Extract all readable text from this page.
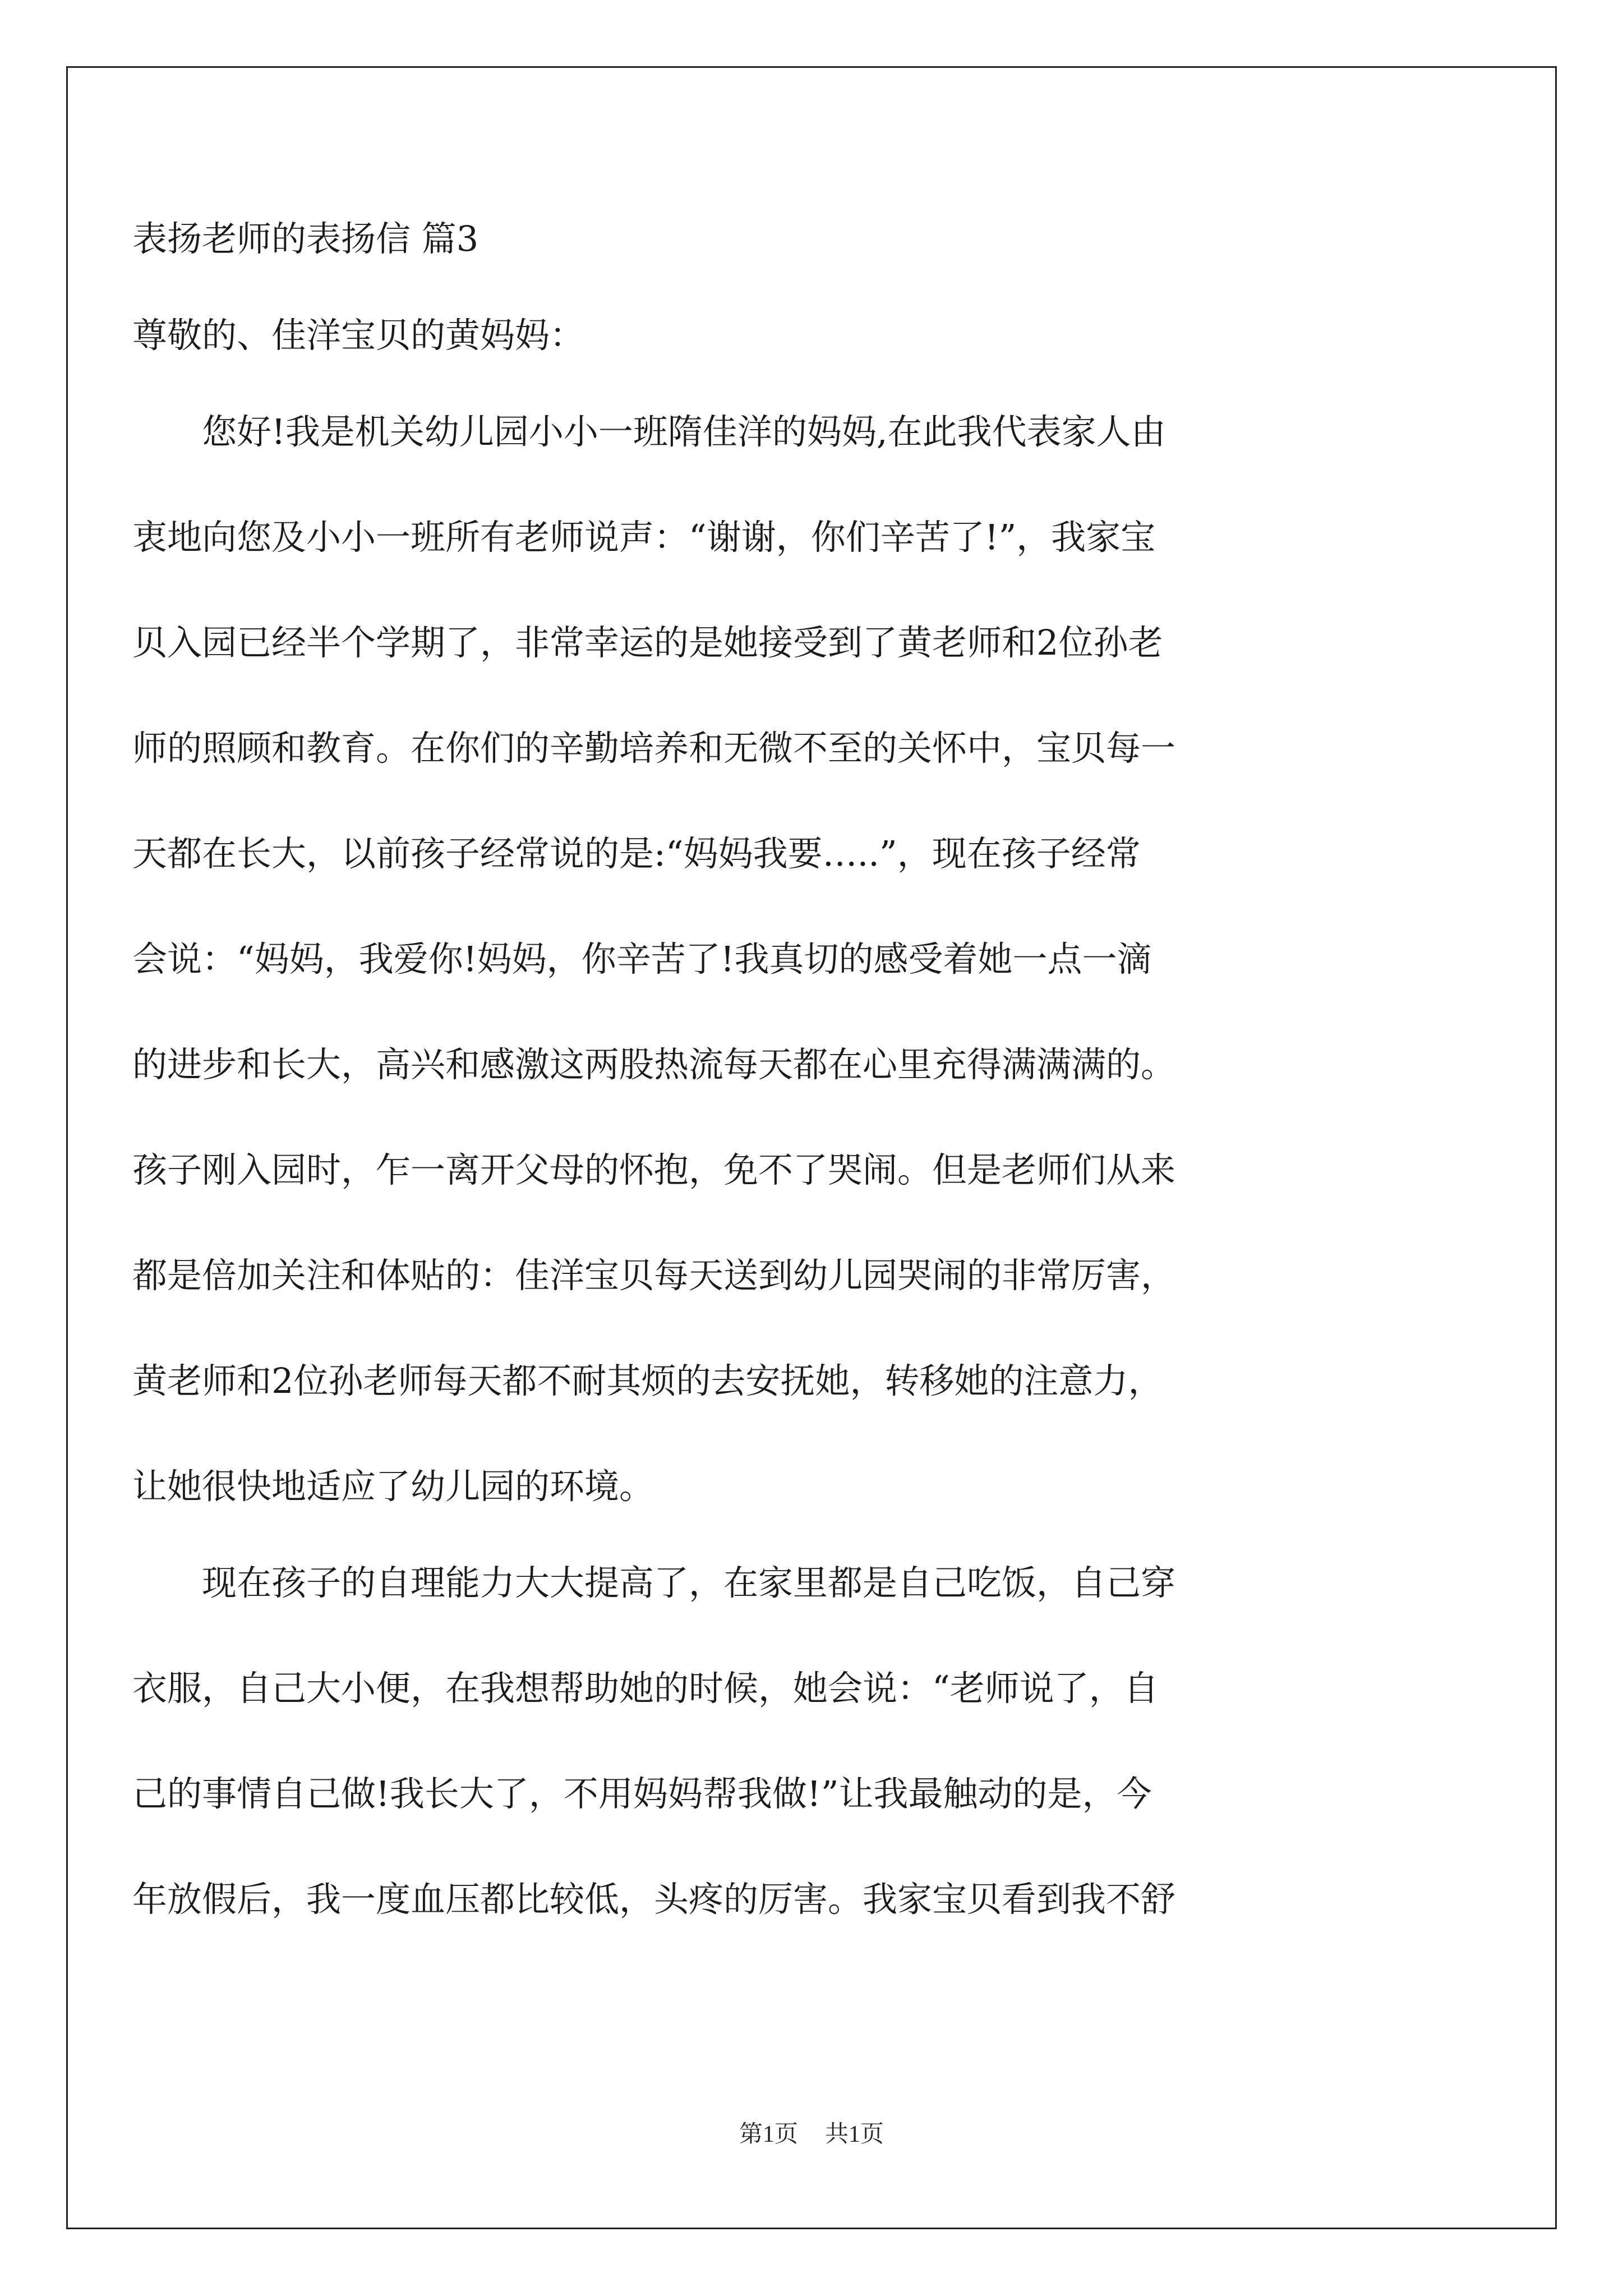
表扬老师的表扬信 篇3
尊敬的、佳洋宝贝的黄妈妈：
　　您好!我是机关幼儿园小小一班隋佳洋的妈妈,在此我代表家人由
衷地向您及小小一班所有老师说声：“谢谢，你们辛苦了!”，我家宝
贝入园已经半个学期了，非常幸运的是她接受到了黄老师和2位孙老
师的照顾和教育。在你们的辛勤培养和无微不至的关怀中，宝贝每一
天都在长大，以前孩子经常说的是:“妈妈我要…..”，现在孩子经常
会说：“妈妈，我爱你!妈妈，你辛苦了!我真切的感受着她一点一滴
的进步和长大，高兴和感激这两股热流每天都在心里充得满满满的。
孩子刚入园时，乍一离开父母的怀抱，免不了哭闹。但是老师们从来
都是倍加关注和体贴的：佳洋宝贝每天送到幼儿园哭闹的非常厉害，
黄老师和2位孙老师每天都不耐其烦的去安抚她，转移她的注意力，
让她很快地适应了幼儿园的环境。
　　现在孩子的自理能力大大提高了，在家里都是自己吃饭，自己穿
衣服，自己大小便，在我想帮助她的时候，她会说：“老师说了，自
己的事情自己做!我长大了，不用妈妈帮我做!”让我最触动的是，今
年放假后，我一度血压都比较低，头疼的厉害。我家宝贝看到我不舒
第1页 共1页
